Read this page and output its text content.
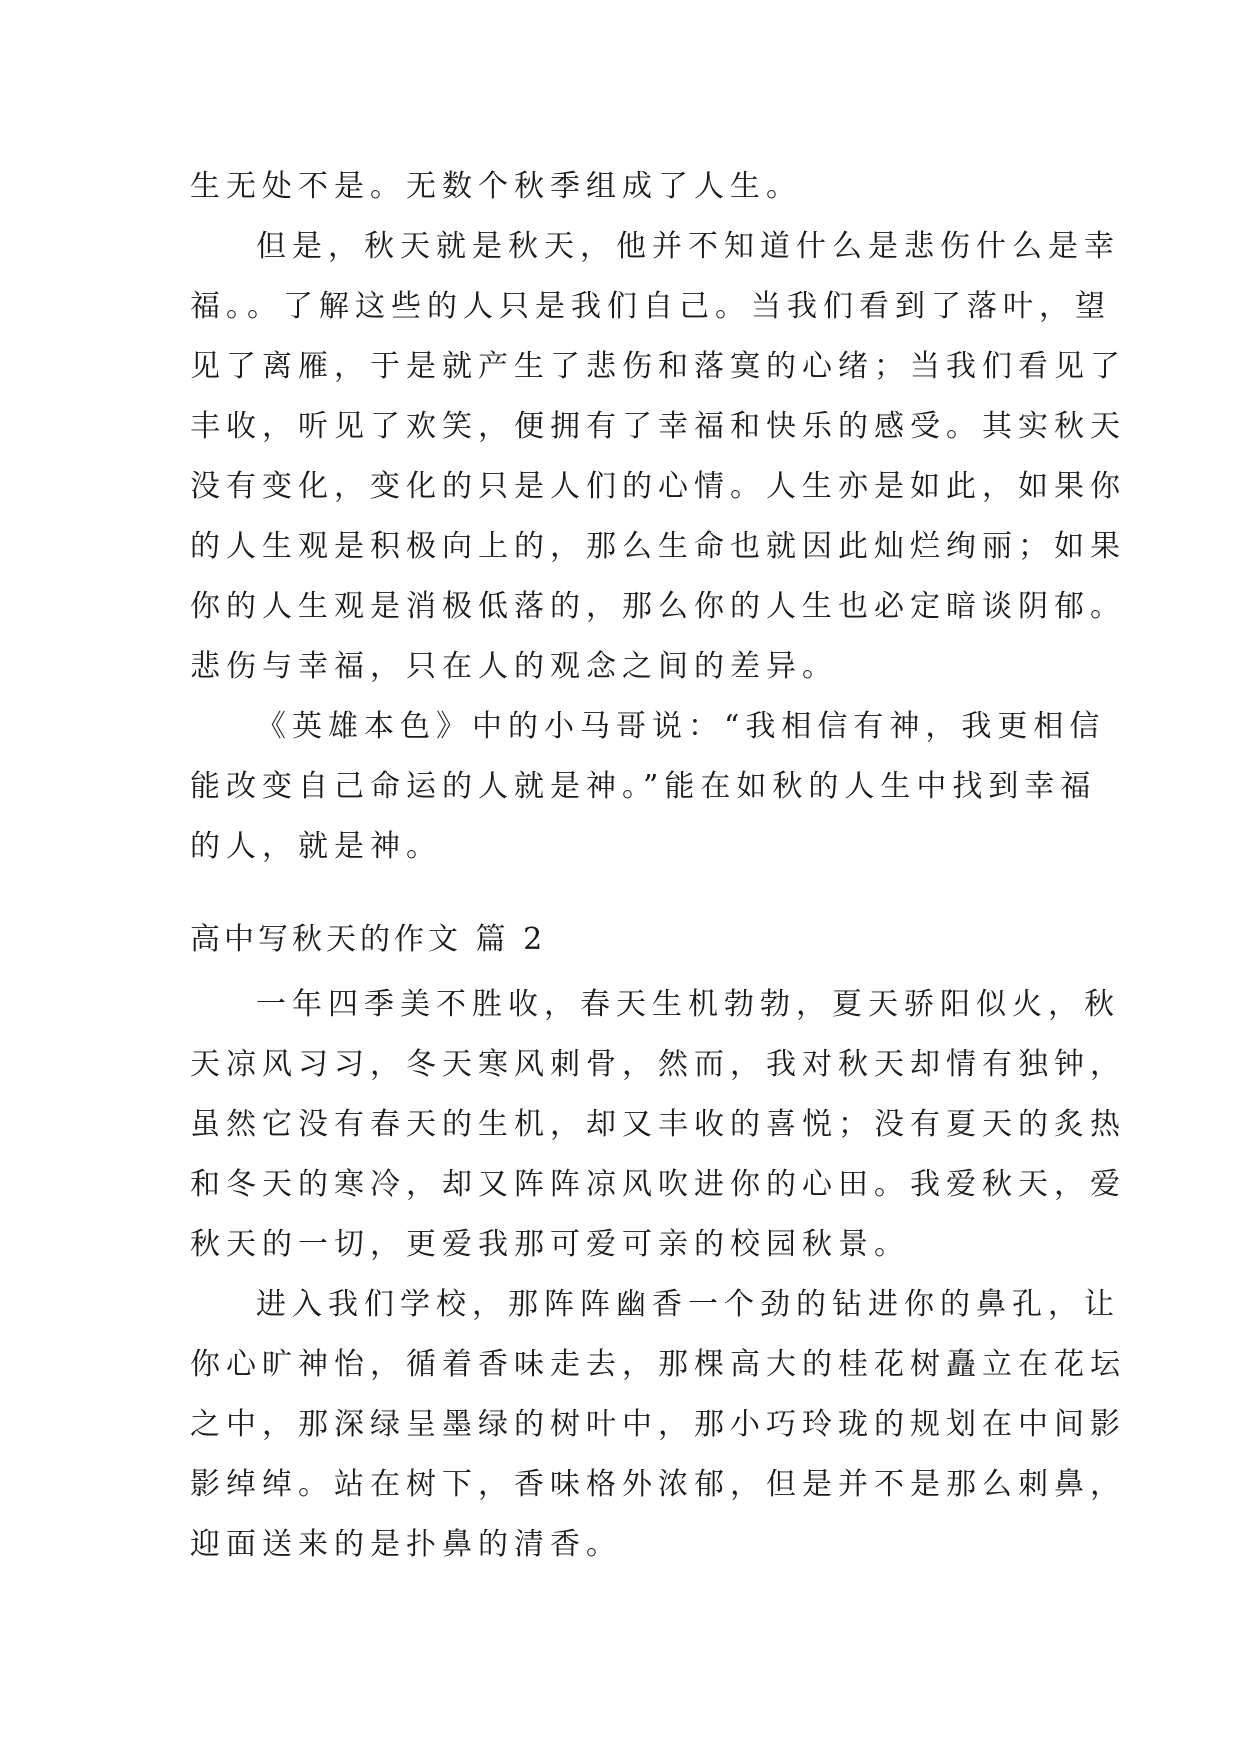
生无处不是。无数个秋季组成了人生。

但是，秋天就是秋天，他并不知道什么是悲伤什么是幸
福。。了解这些的人只是我们自己。当我们看到了落叶，望
见了离雁，于是就产生了悲伤和落寞的心绪；当我们看见了
丰收，听见了欢笑，便拥有了幸福和快乐的感受。其实秋天
没有变化，变化的只是人们的心情。人生亦是如此，如果你
的人生观是积极向上的，那么生命也就因此灿烂绚丽；如果
你的人生观是消极低落的，那么你的人生也必定暗谈阴郁。
悲伤与幸福，只在人的观念之间的差异。

《英雄本色》中的小马哥说：“我相信有神，我更相信
能改变自己命运的人就是神。”能在如秋的人生中找到幸福
的人，就是神。

高中写秋天的作文 篇 2

一年四季美不胜收，春天生机勃勃，夏天骄阳似火，秋
天凉风习习，冬天寒风刺骨，然而，我对秋天却情有独钟，
虽然它没有春天的生机，却又丰收的喜悦；没有夏天的炙热
和冬天的寒冷，却又阵阵凉风吹进你的心田。我爱秋天，爱
秋天的一切，更爱我那可爱可亲的校园秋景。

进入我们学校，那阵阵幽香一个劲的钻进你的鼻孔，让
你心旷神怡，循着香味走去，那棵高大的桂花树矗立在花坛
之中，那深绿呈墨绿的树叶中，那小巧玲珑的规划在中间影
影绰绰。站在树下，香味格外浓郁，但是并不是那么刺鼻，
迎面送来的是扑鼻的清香。
